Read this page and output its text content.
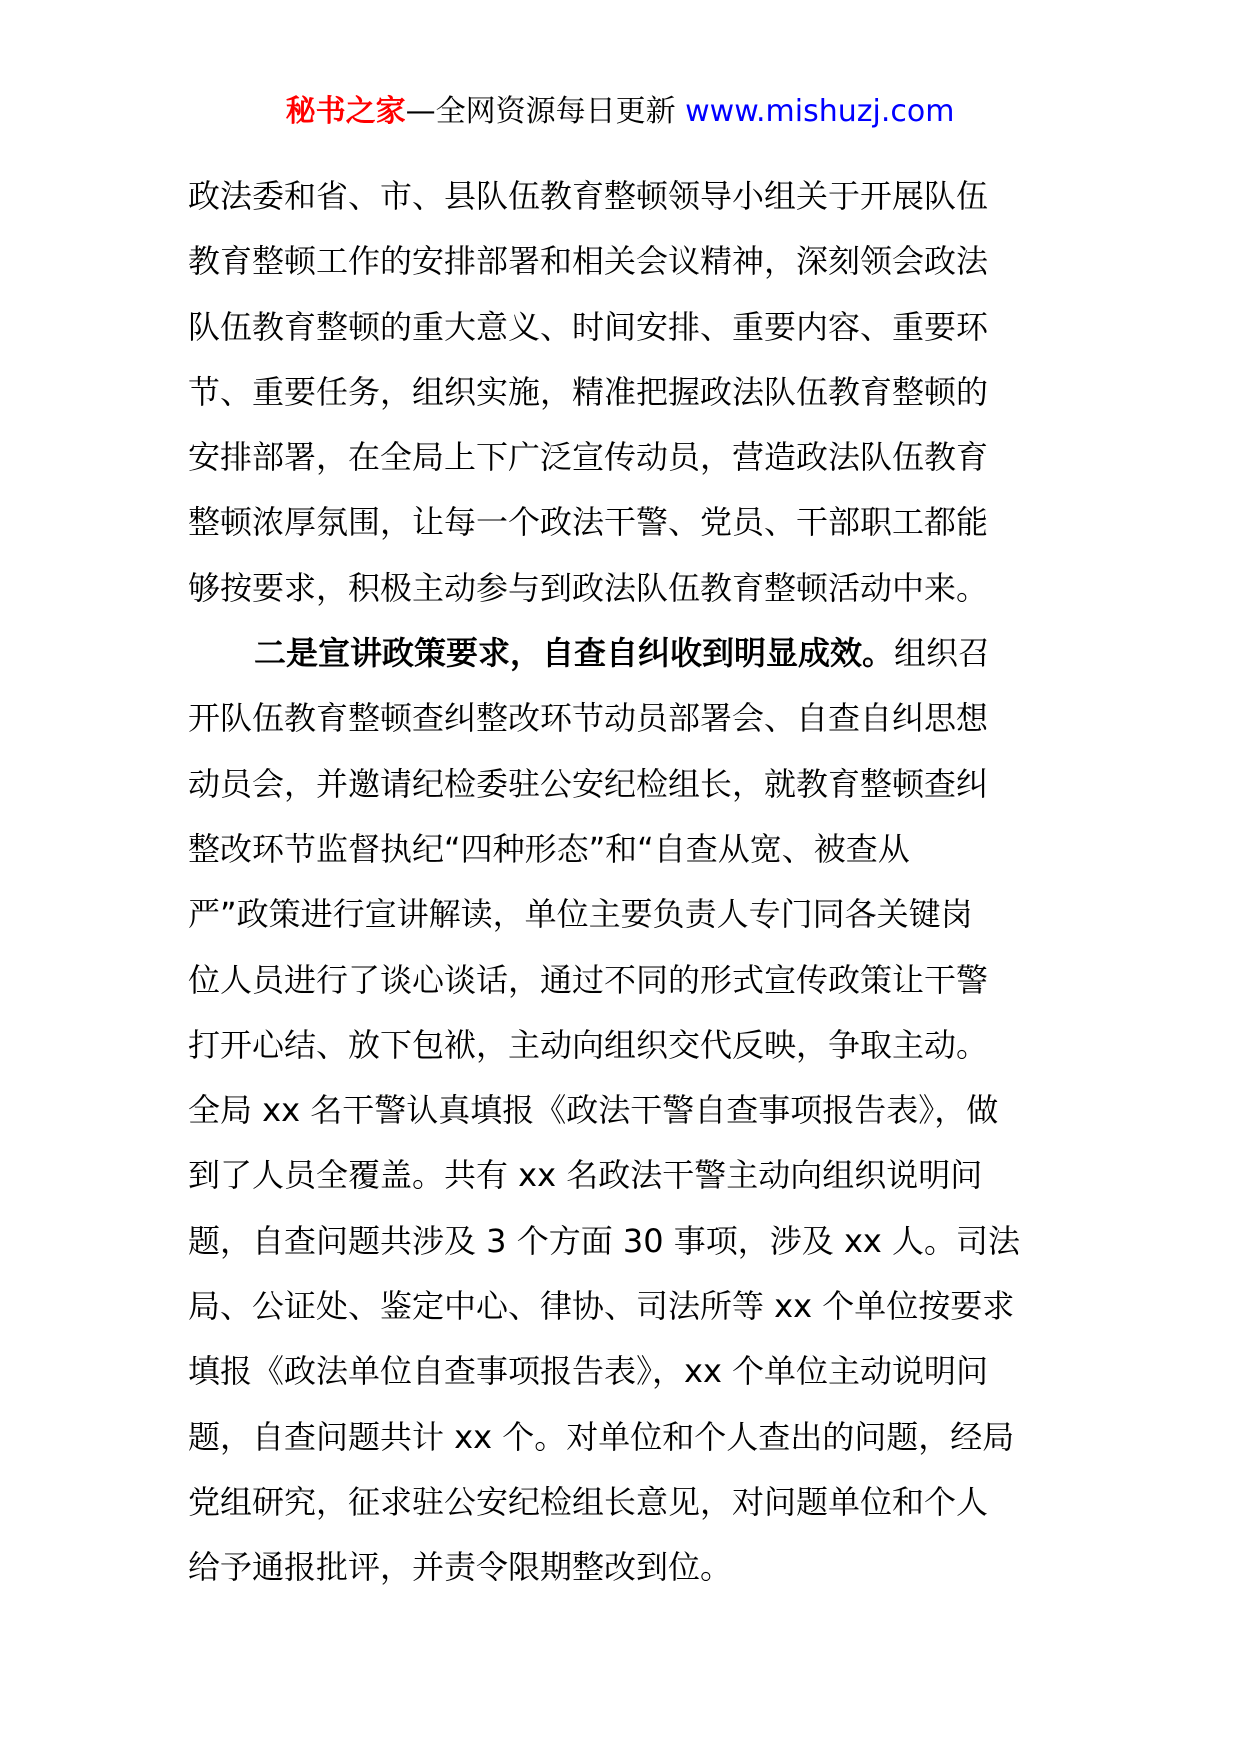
秘书之家—全网资源每日更新 www.mishuzj.com
政法委和省、市、县队伍教育整顿领导小组关于开展队伍
教育整顿工作的安排部署和相关会议精神，深刻领会政法
队伍教育整顿的重大意义、时间安排、重要内容、重要环
节、重要任务，组织实施，精准把握政法队伍教育整顿的
安排部署，在全局上下广泛宣传动员，营造政法队伍教育
整顿浓厚氛围，让每一个政法干警、党员、干部职工都能
够按要求，积极主动参与到政法队伍教育整顿活动中来。
二是宣讲政策要求，自查自纠收到明显成效。组织召
开队伍教育整顿查纠整改环节动员部署会、自查自纠思想
动员会，并邀请纪检委驻公安纪检组长，就教育整顿查纠
整改环节监督执纪“四种形态”和“自查从宽、被查从
严”政策进行宣讲解读，单位主要负责人专门同各关键岗
位人员进行了谈心谈话，通过不同的形式宣传政策让干警
打开心结、放下包袱，主动向组织交代反映，争取主动。
全局 xx 名干警认真填报《政法干警自查事项报告表》，做
到了人员全覆盖。共有 xx 名政法干警主动向组织说明问
题，自查问题共涉及 3 个方面 30 事项，涉及 xx 人。司法
局、公证处、鉴定中心、律协、司法所等 xx 个单位按要求
填报《政法单位自查事项报告表》，xx 个单位主动说明问
题，自查问题共计 xx 个。对单位和个人查出的问题，经局
党组研究，征求驻公安纪检组长意见，对问题单位和个人
给予通报批评，并责令限期整改到位。
